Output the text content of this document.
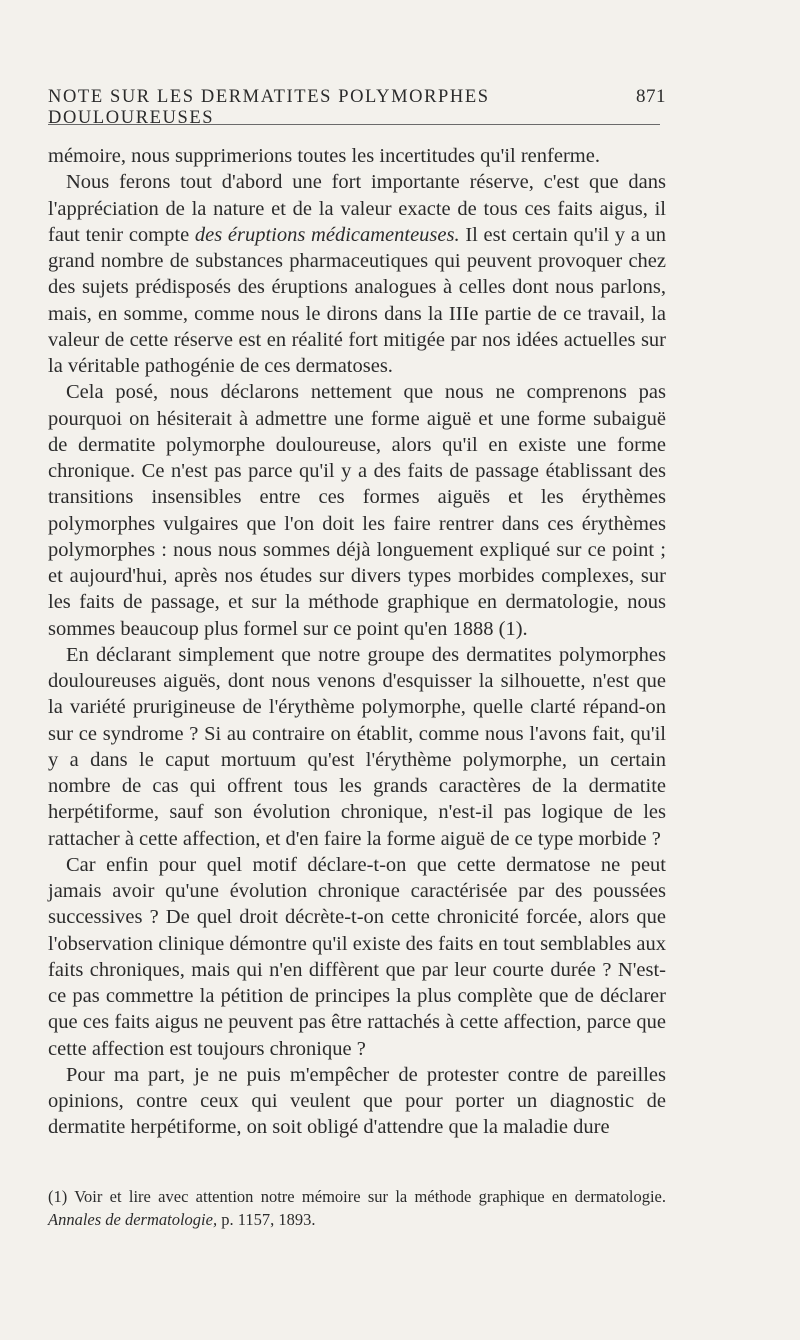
NOTE SUR LES DERMATITES POLYMORPHES DOULOUREUSES
871

mémoire, nous supprimerions toutes les incertitudes qu'il renferme.

Nous ferons tout d'abord une fort importante réserve, c'est que dans l'appréciation de la nature et de la valeur exacte de tous ces faits aigus, il faut tenir compte des éruptions médicamenteuses. Il est certain qu'il y a un grand nombre de substances pharmaceutiques qui peuvent provoquer chez des sujets prédisposés des éruptions analogues à celles dont nous parlons, mais, en somme, comme nous le dirons dans la IIIe partie de ce travail, la valeur de cette réserve est en réalité fort mitigée par nos idées actuelles sur la véritable pathogénie de ces dermatoses.

Cela posé, nous déclarons nettement que nous ne comprenons pas pourquoi on hésiterait à admettre une forme aiguë et une forme subaiguë de dermatite polymorphe douloureuse, alors qu'il en existe une forme chronique. Ce n'est pas parce qu'il y a des faits de passage établissant des transitions insensibles entre ces formes aiguës et les érythèmes polymorphes vulgaires que l'on doit les faire rentrer dans ces érythèmes polymorphes : nous nous sommes déjà longuement expliqué sur ce point ; et aujourd'hui, après nos études sur divers types morbides complexes, sur les faits de passage, et sur la méthode graphique en dermatologie, nous sommes beaucoup plus formel sur ce point qu'en 1888 (1).

En déclarant simplement que notre groupe des dermatites polymorphes douloureuses aiguës, dont nous venons d'esquisser la silhouette, n'est que la variété prurigineuse de l'érythème polymorphe, quelle clarté répand-on sur ce syndrome ? Si au contraire on établit, comme nous l'avons fait, qu'il y a dans le caput mortuum qu'est l'érythème polymorphe, un certain nombre de cas qui offrent tous les grands caractères de la dermatite herpétiforme, sauf son évolution chronique, n'est-il pas logique de les rattacher à cette affection, et d'en faire la forme aiguë de ce type morbide ?

Car enfin pour quel motif déclare-t-on que cette dermatose ne peut jamais avoir qu'une évolution chronique caractérisée par des poussées successives ? De quel droit décrète-t-on cette chronicité forcée, alors que l'observation clinique démontre qu'il existe des faits en tout semblables aux faits chroniques, mais qui n'en diffèrent que par leur courte durée ? N'est-ce pas commettre la pétition de principes la plus complète que de déclarer que ces faits aigus ne peuvent pas être rattachés à cette affection, parce que cette affection est toujours chronique ?

Pour ma part, je ne puis m'empêcher de protester contre de pareilles opinions, contre ceux qui veulent que pour porter un diagnostic de dermatite herpétiforme, on soit obligé d'attendre que la maladie dure

(1) Voir et lire avec attention notre mémoire sur la méthode graphique en dermatologie. Annales de dermatologie, p. 1157, 1893.
